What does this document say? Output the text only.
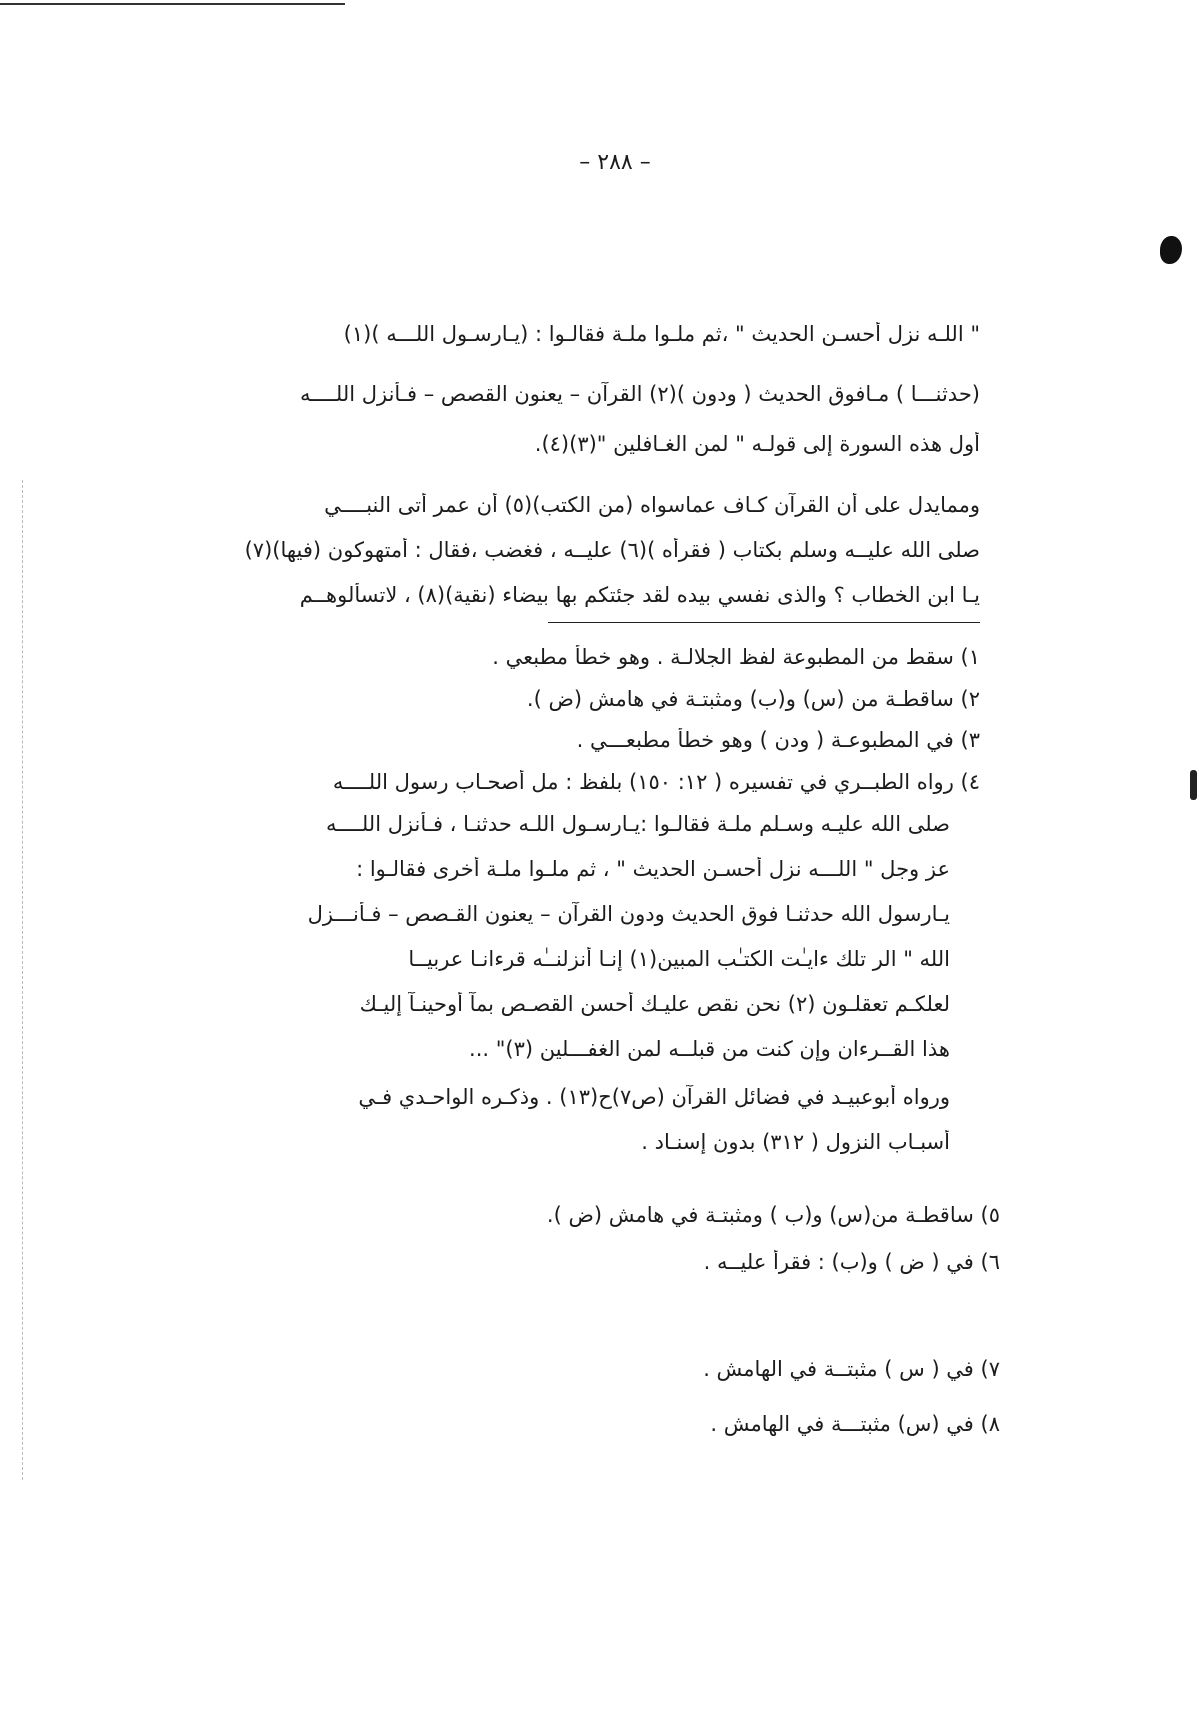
– ٢٨٨ –
" اللـه نزل أحسـن الحديث " ،ثم ملـوا ملـة فقالـوا : (يـارسـول اللـــه )(١)
(حدثنـــا ) مـافوق الحديث ( ودون )(٢) القرآن – يعنون القصص – فـأنزل اللــــه
أول هذه السورة إلى قولـه " لمن الغـافلين "(٣)(٤).
وممايدل على أن القرآن كـاف عماسواه (من الكتب)(٥) أن عمر أتى النبــــي
صلى الله عليــه وسلم بكتاب ( فقرأه )(٦) عليــه ، فغضب ،فقال : أمتهوكون (فيها)(٧)
يـا ابن الخطاب ؟ والذى نفسي بيده لقد جئتكم بها بيضاء (نقية)(٨) ، لاتسألوهــم
١) سقط من المطبوعة لفظ الجلالـة . وهو خطأ مطبعي .
٢) ساقطـة من (س) و(ب) ومثبتـة في هامش (ض ).
٣) في المطبوعـة ( ودن ) وهو خطأ مطبعـــي .
٤) رواه الطبــري في تفسيره ( ١٢: ١٥٠) بلفظ : مل أصحـاب رسول اللــــه
صلى الله عليـه وسـلم ملـة فقالـوا :يـارسـول اللـه حدثنـا ، فـأنزل اللــــه
عز وجل " اللـــه نزل أحسـن الحديث " ، ثم ملـوا ملـة أخرى فقالـوا :
يـارسول الله حدثنـا فوق الحديث ودون القرآن – يعنون القـصص – فـأنـــزل
الله " الر تلك ءايـٰت الكتـٰب المبين(١) إنـا أنزلنــٰه قرءانـا عربيــا
لعلكـم تعقلـون (٢) نحن نقص عليـك أحسن القصـص بمآ أوحينـآ إليـك
هذا القــرءان وإن كنت من قبلــه لمن الغفـــلين (٣)" ...
ورواه أبوعبيـد في فضائل القرآن (ص٧)ح(١٣) . وذكـره الواحـدي فـي
أسبـاب النزول ( ٣١٢) بدون إسنـاد .
٥) ساقطـة من(س) و(ب ) ومثبتـة في هامش (ض ).
٦) في ( ض ) و(ب) : فقرأ عليــه .
٧) في ( س ) مثبتــة في الهامش .
٨) في (س) مثبتـــة في الهامش .
